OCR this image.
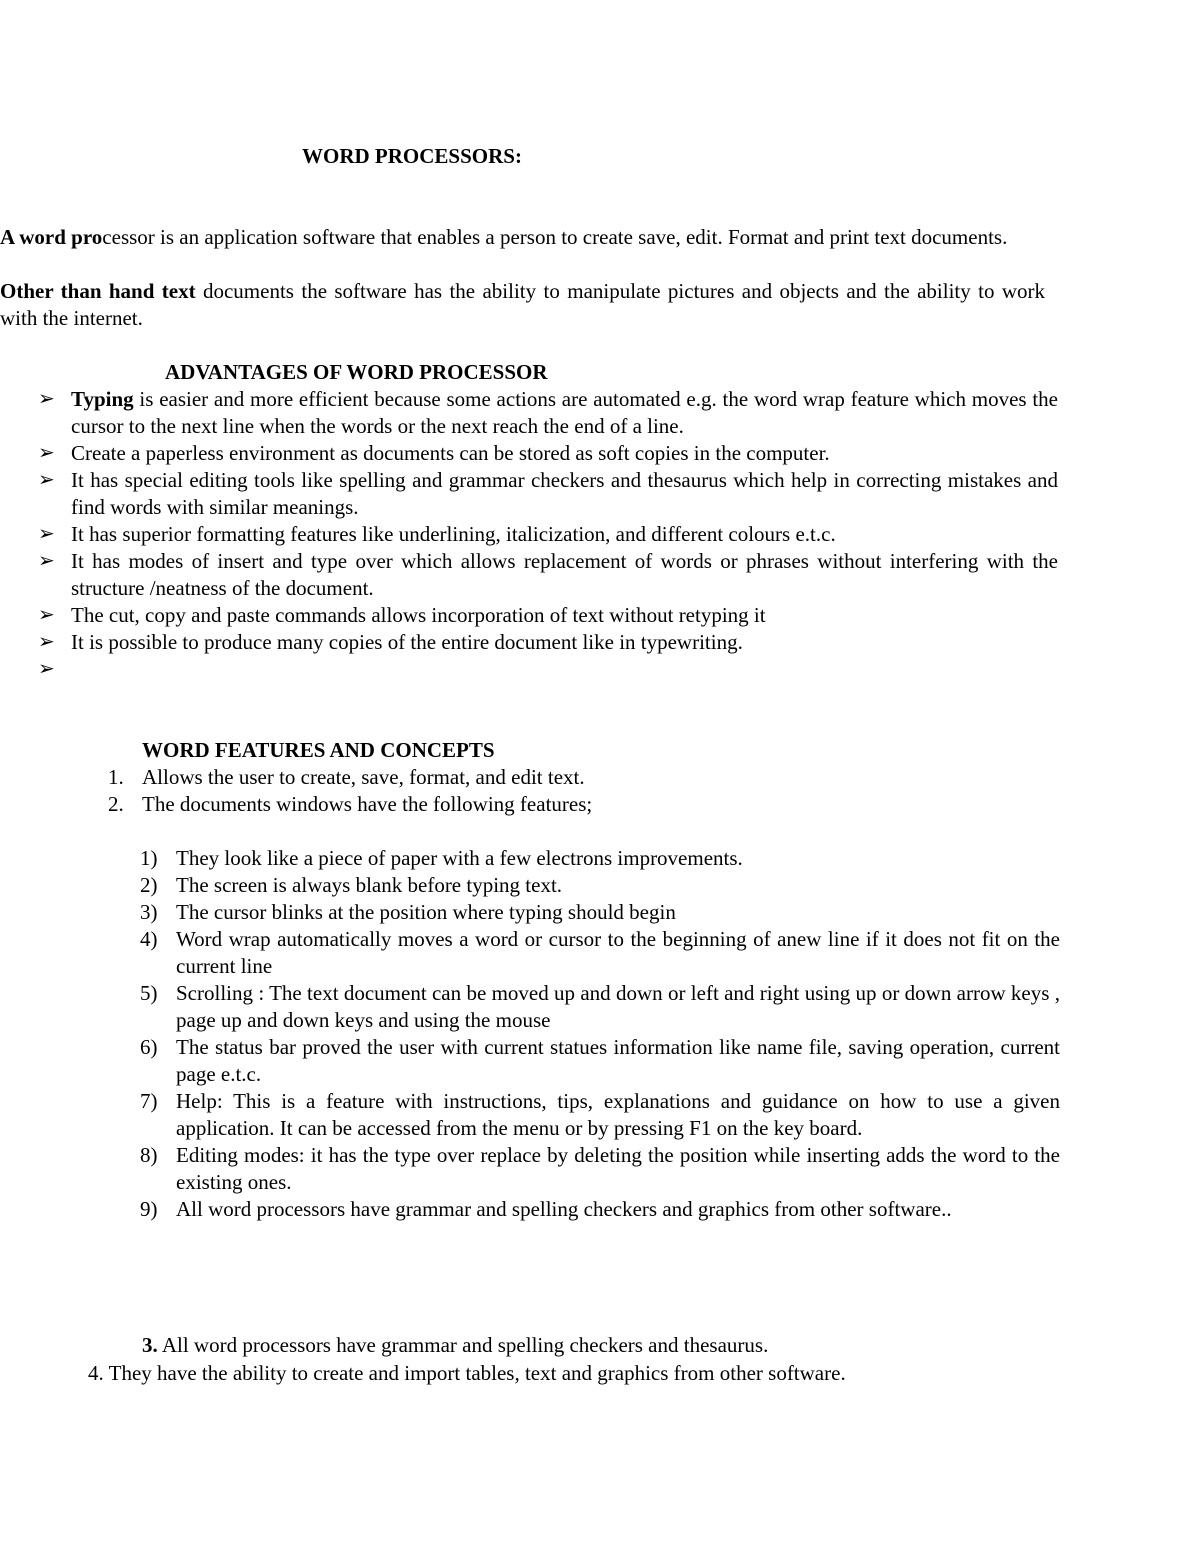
WORD PROCESSORS:
A word processor is an application software that enables a person to create save, edit. Format and print text documents.
Other than hand text documents the software has the ability to manipulate pictures and objects and the ability to work with the internet.
ADVANTAGES OF WORD PROCESSOR
➢ Typing is easier and more efficient because some actions are automated e.g. the word wrap feature which moves the cursor to the next line when the words or the next reach the end of a line.
➢ Create a paperless environment as documents can be stored as soft copies in the computer.
➢ It has special editing tools like spelling and grammar checkers and thesaurus which help in correcting mistakes and find words with similar meanings.
➢ It has superior formatting features like underlining, italicization, and different colours e.t.c.
➢ It has modes of insert and type over which allows replacement of words or phrases without interfering with the structure /neatness of the document.
➢ The cut, copy and paste commands allows incorporation of text without retyping it
➢ It is possible to produce many copies of the entire document like in typewriting.
➢
WORD FEATURES AND CONCEPTS
1. Allows the user to create, save, format, and edit text.
2. The documents windows have the following features;
1) They look like a piece of paper with a few electrons improvements.
2) The screen is always blank before typing text.
3) The cursor blinks at the position where typing should begin
4) Word wrap automatically moves a word or cursor to the beginning of anew line if it does not fit on the current line
5) Scrolling : The text document can be moved up and down or left and right using up or down arrow keys , page up and down keys and using the mouse
6) The status bar proved the user with current statues information like name file, saving operation, current page e.t.c.
7) Help: This is a feature with instructions, tips, explanations and guidance on how to use a given application. It can be accessed from the menu or by pressing F1 on the key board.
8) Editing modes: it has the type over replace by deleting the position while inserting adds the word to the existing ones.
9) All word processors have grammar and spelling checkers and graphics from other software..
3. All word processors have grammar and spelling checkers and thesaurus.
4. They have the ability to create and import tables, text and graphics from other software.
